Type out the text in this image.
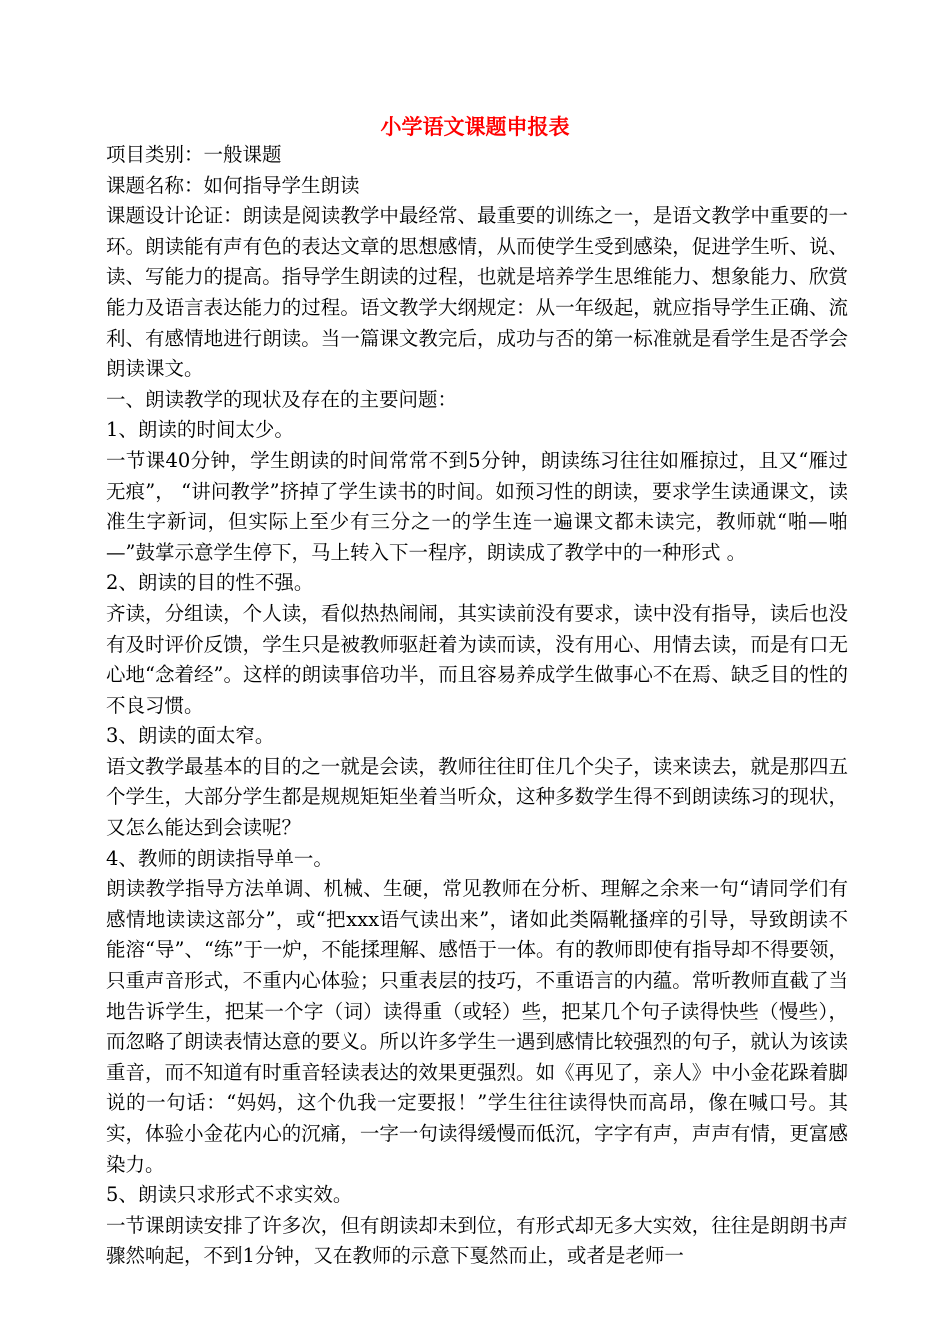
小学语文课题申报表

项目类别：一般课题

课题名称：如何指导学生朗读

课题设计论证：朗读是阅读教学中最经常、最重要的训练之一，是语文教学中重要的一环。朗读能有声有色的表达文章的思想感情，从而使学生受到感染，促进学生听、说、读、写能力的提高。指导学生朗读的过程，也就是培养学生思维能力、想象能力、欣赏能力及语言表达能力的过程。语文教学大纲规定：从一年级起，就应指导学生正确、流利、有感情地进行朗读。当一篇课文教完后，成功与否的第一标准就是看学生是否学会朗读课文。

一、朗读教学的现状及存在的主要问题：

1、朗读的时间太少。

一节课40分钟，学生朗读的时间常常不到5分钟，朗读练习往往如雁掠过，且又“雁过无痕”， “讲问教学”挤掉了学生读书的时间。如预习性的朗读，要求学生读通课文，读准生字新词，但实际上至少有三分之一的学生连一遍课文都未读完，教师就“啪—啪—”鼓掌示意学生停下，马上转入下一程序，朗读成了教学中的一种形式 。

2、朗读的目的性不强。

齐读，分组读，个人读，看似热热闹闹，其实读前没有要求，读中没有指导，读后也没有及时评价反馈，学生只是被教师驱赶着为读而读，没有用心、用情去读，而是有口无心地“念着经”。这样的朗读事倍功半，而且容易养成学生做事心不在焉、缺乏目的性的不良习惯。

3、朗读的面太窄。

语文教学最基本的目的之一就是会读，教师往往盯住几个尖子，读来读去，就是那四五个学生，大部分学生都是规规矩矩坐着当听众，这种多数学生得不到朗读练习的现状，又怎么能达到会读呢？

4、教师的朗读指导单一。

朗读教学指导方法单调、机械、生硬，常见教师在分析、理解之余来一句“请同学们有感情地读读这部分”，或“把xxx语气读出来”，诸如此类隔靴搔痒的引导，导致朗读不能溶“导”、“练”于一炉，不能揉理解、感悟于一体。有的教师即使有指导却不得要领，只重声音形式，不重内心体验；只重表层的技巧，不重语言的内蕴。常听教师直截了当地告诉学生，把某一个字（词）读得重（或轻）些，把某几个句子读得快些（慢些），而忽略了朗读表情达意的要义。所以许多学生一遇到感情比较强烈的句子，就认为该读重音，而不知道有时重音轻读表达的效果更强烈。如《再见了，亲人》中小金花跺着脚说的一句话：“妈妈，这个仇我一定要报！”学生往往读得快而高昂，像在喊口号。其实，体验小金花内心的沉痛，一字一句读得缓慢而低沉，字字有声，声声有情，更富感染力。

5、朗读只求形式不求实效。

一节课朗读安排了许多次，但有朗读却未到位，有形式却无多大实效，往往是朗朗书声骤然响起，不到1分钟，又在教师的示意下戛然而止，或者是老师一
